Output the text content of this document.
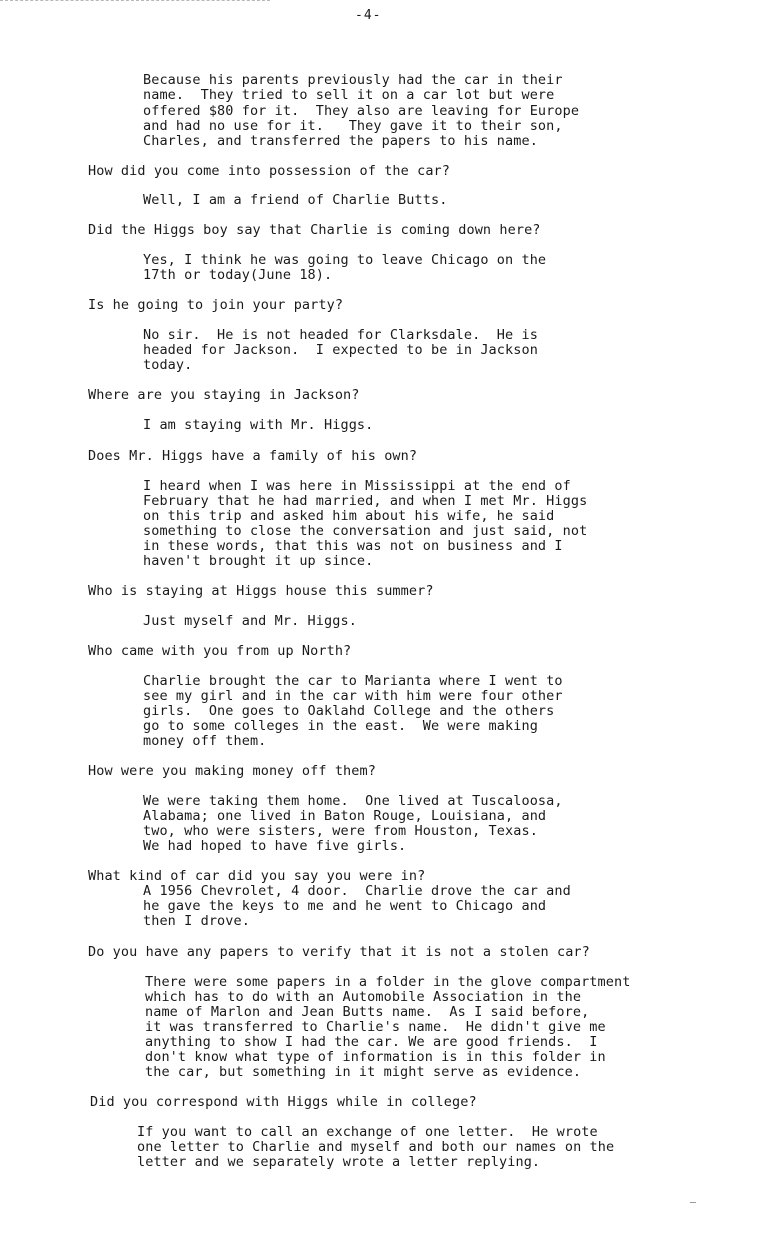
-4-
Because his parents previously had the car in their
name.  They tried to sell it on a car lot but were
offered $80 for it.  They also are leaving for Europe
and had no use for it.   They gave it to their son,
Charles, and transferred the papers to his name.
How did you come into possession of the car?
Well, I am a friend of Charlie Butts.
Did the Higgs boy say that Charlie is coming down here?
Yes, I think he was going to leave Chicago on the
17th or today(June 18).
Is he going to join your party?
No sir.  He is not headed for Clarksdale.  He is
headed for Jackson.  I expected to be in Jackson
today.
Where are you staying in Jackson?
I am staying with Mr. Higgs.
Does Mr. Higgs have a family of his own?
I heard when I was here in Mississippi at the end of
February that he had married, and when I met Mr. Higgs
on this trip and asked him about his wife, he said
something to close the conversation and just said, not
in these words, that this was not on business and I
haven't brought it up since.
Who is staying at Higgs house this summer?
Just myself and Mr. Higgs.
Who came with you from up North?
Charlie brought the car to Marianta where I went to
see my girl and in the car with him were four other
girls.  One goes to Oaklahd College and the others
go to some colleges in the east.  We were making
money off them.
How were you making money off them?
We were taking them home.  One lived at Tuscaloosa,
Alabama; one lived in Baton Rouge, Louisiana, and
two, who were sisters, were from Houston, Texas.
We had hoped to have five girls.
What kind of car did you say you were in?
A 1956 Chevrolet, 4 door.  Charlie drove the car and
he gave the keys to me and he went to Chicago and
then I drove.
Do you have any papers to verify that it is not a stolen car?
There were some papers in a folder in the glove compartment
which has to do with an Automobile Association in the
name of Marlon and Jean Butts name.  As I said before,
it was transferred to Charlie's name.  He didn't give me
anything to show I had the car. We are good friends.  I
don't know what type of information is in this folder in
the car, but something in it might serve as evidence.
Did you correspond with Higgs while in college?
If you want to call an exchange of one letter.  He wrote
one letter to Charlie and myself and both our names on the
letter and we separately wrote a letter replying.
